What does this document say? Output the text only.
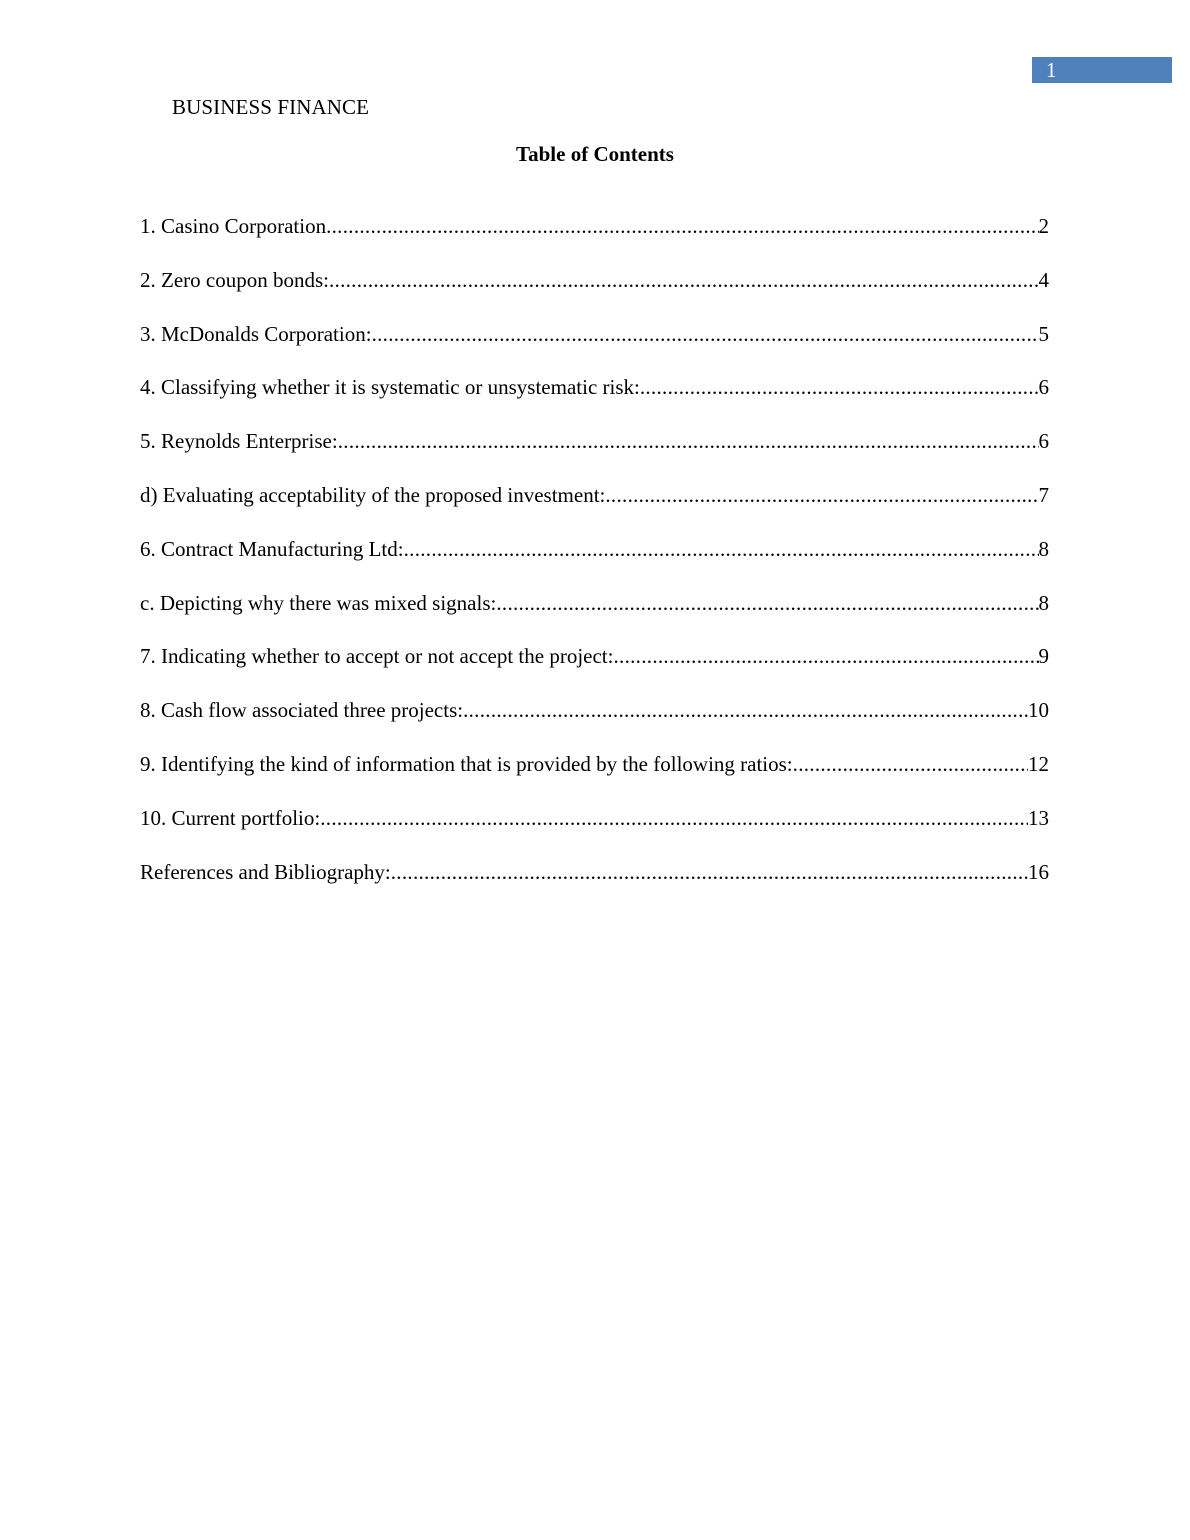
1
BUSINESS FINANCE
Table of Contents
1. Casino Corporation .....	2
2. Zero coupon bonds: .....	4
3. McDonalds Corporation: .....	5
4. Classifying whether it is systematic or unsystematic risk: .....	6
5. Reynolds Enterprise: .....	6
d) Evaluating acceptability of the proposed investment: .....	7
6. Contract Manufacturing Ltd: .....	8
c. Depicting why there was mixed signals: .....	8
7. Indicating whether to accept or not accept the project: .....	9
8. Cash flow associated three projects: .....	10
9. Identifying the kind of information that is provided by the following ratios: .....	12
10. Current portfolio: .....	13
References and Bibliography: .....	16
